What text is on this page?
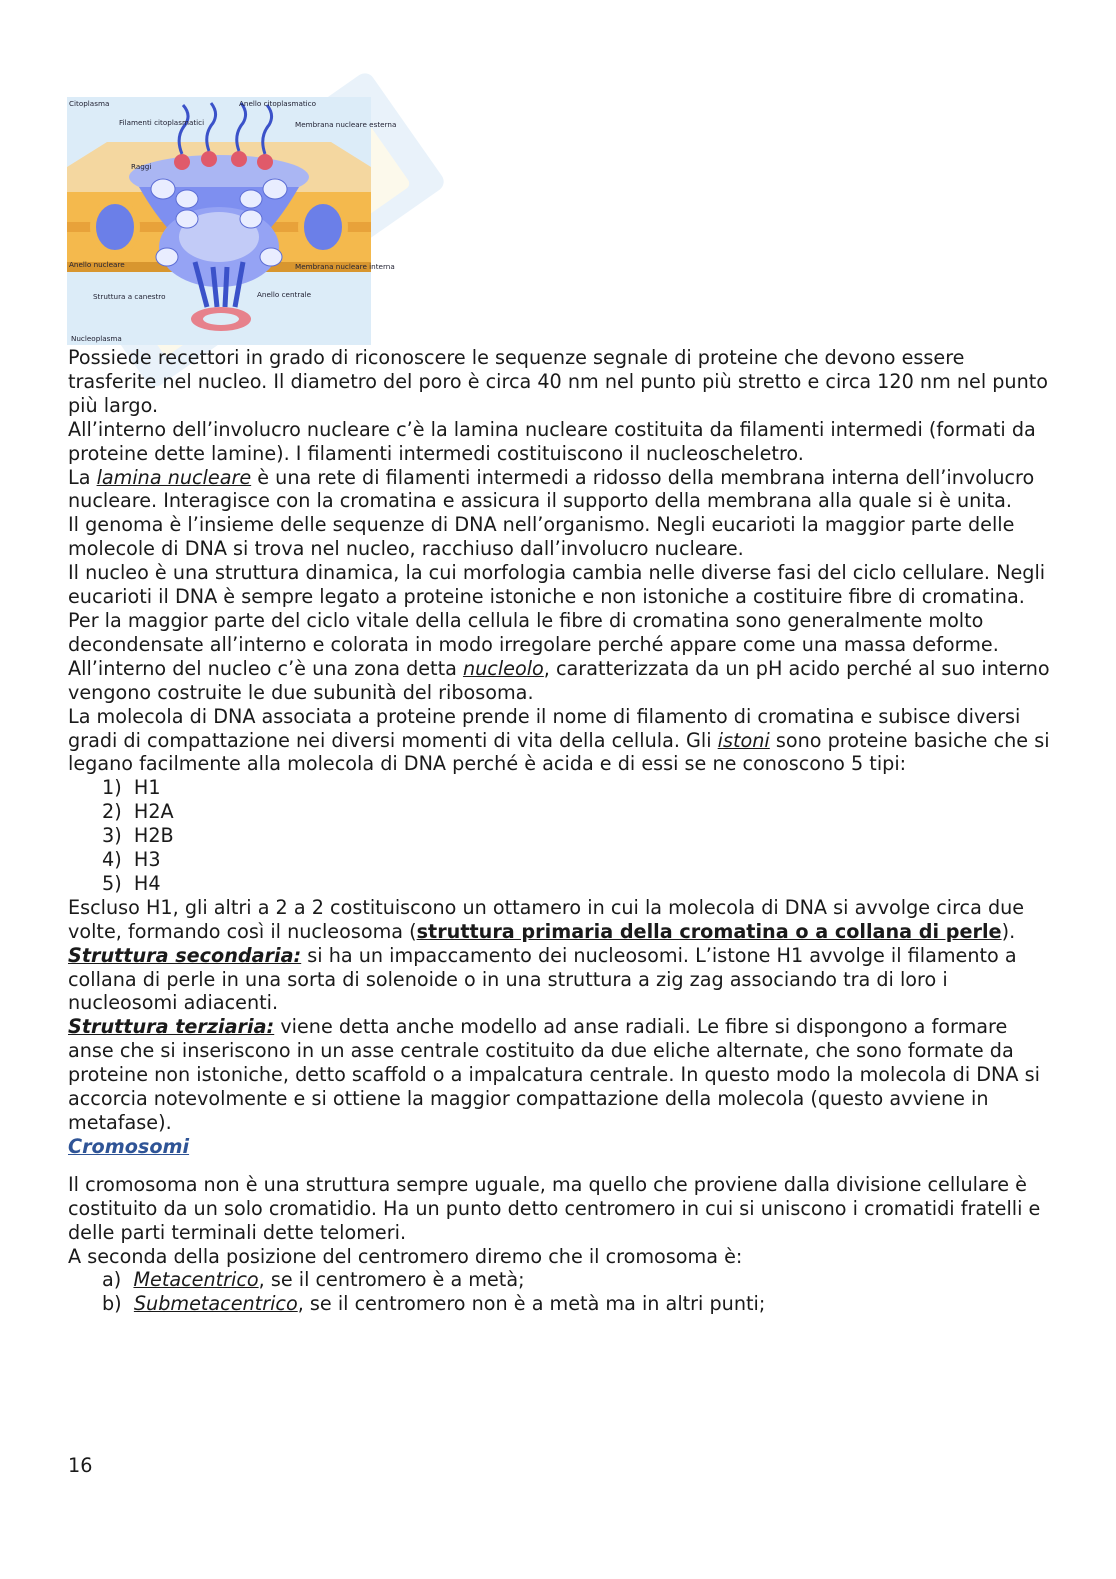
Citoplasma	Anello citoplasmatico
Filamenti citoplasmatici	Membrana nucleare esterna
Raggi
Anello nucleare	Membrana nucleare interna
Struttura a canestro	Anello centrale
Nucleoplasma

Possiede recettori in grado di riconoscere le sequenze segnale di proteine che devono essere trasferite nel nucleo. Il diametro del poro è circa 40 nm nel punto più stretto e circa 120 nm nel punto più largo.

All’interno dell’involucro nucleare c’è la lamina nucleare costituita da filamenti intermedi (formati da proteine dette lamine). I filamenti intermedi costituiscono il nucleoscheletro.

La lamina nucleare è una rete di filamenti intermedi a ridosso della membrana interna dell’involucro nucleare. Interagisce con la cromatina e assicura il supporto della membrana alla quale si è unita.

Il genoma è l’insieme delle sequenze di DNA nell’organismo. Negli eucarioti la maggior parte delle molecole di DNA si trova nel nucleo, racchiuso dall’involucro nucleare.

Il nucleo è una struttura dinamica, la cui morfologia cambia nelle diverse fasi del ciclo cellulare. Negli eucarioti il DNA è sempre legato a proteine istoniche e non istoniche a costituire fibre di cromatina.

Per la maggior parte del ciclo vitale della cellula le fibre di cromatina sono generalmente molto decondensate all’interno e colorata in modo irregolare perché appare come una massa deforme.

All’interno del nucleo c’è una zona detta nucleolo, caratterizzata da un pH acido perché al suo interno vengono costruite le due subunità del ribosoma.

La molecola di DNA associata a proteine prende il nome di filamento di cromatina e subisce diversi gradi di compattazione nei diversi momenti di vita della cellula. Gli istoni sono proteine basiche che si legano facilmente alla molecola di DNA perché è acida e di essi se ne conoscono 5 tipi:

1) H1
2) H2A
3) H2B
4) H3
5) H4

Escluso H1, gli altri a 2 a 2 costituiscono un ottamero in cui la molecola di DNA si avvolge circa due volte, formando così il nucleosoma (struttura primaria della cromatina o a collana di perle).

Struttura secondaria: si ha un impaccamento dei nucleosomi. L’istone H1 avvolge il filamento a collana di perle in una sorta di solenoide o in una struttura a zig zag associando tra di loro i nucleosomi adiacenti.

Struttura terziaria: viene detta anche modello ad anse radiali. Le fibre si dispongono a formare anse che si inseriscono in un asse centrale costituito da due eliche alternate, che sono formate da proteine non istoniche, detto scaffold o a impalcatura centrale. In questo modo la molecola di DNA si accorcia notevolmente e si ottiene la maggior compattazione della molecola (questo avviene in metafase).

Cromosomi

Il cromosoma non è una struttura sempre uguale, ma quello che proviene dalla divisione cellulare è costituito da un solo cromatidio. Ha un punto detto centromero in cui si uniscono i cromatidi fratelli e delle parti terminali dette telomeri.

A seconda della posizione del centromero diremo che il cromosoma è:

a) Metacentrico, se il centromero è a metà;
b) Submetacentrico, se il centromero non è a metà ma in altri punti;
16
